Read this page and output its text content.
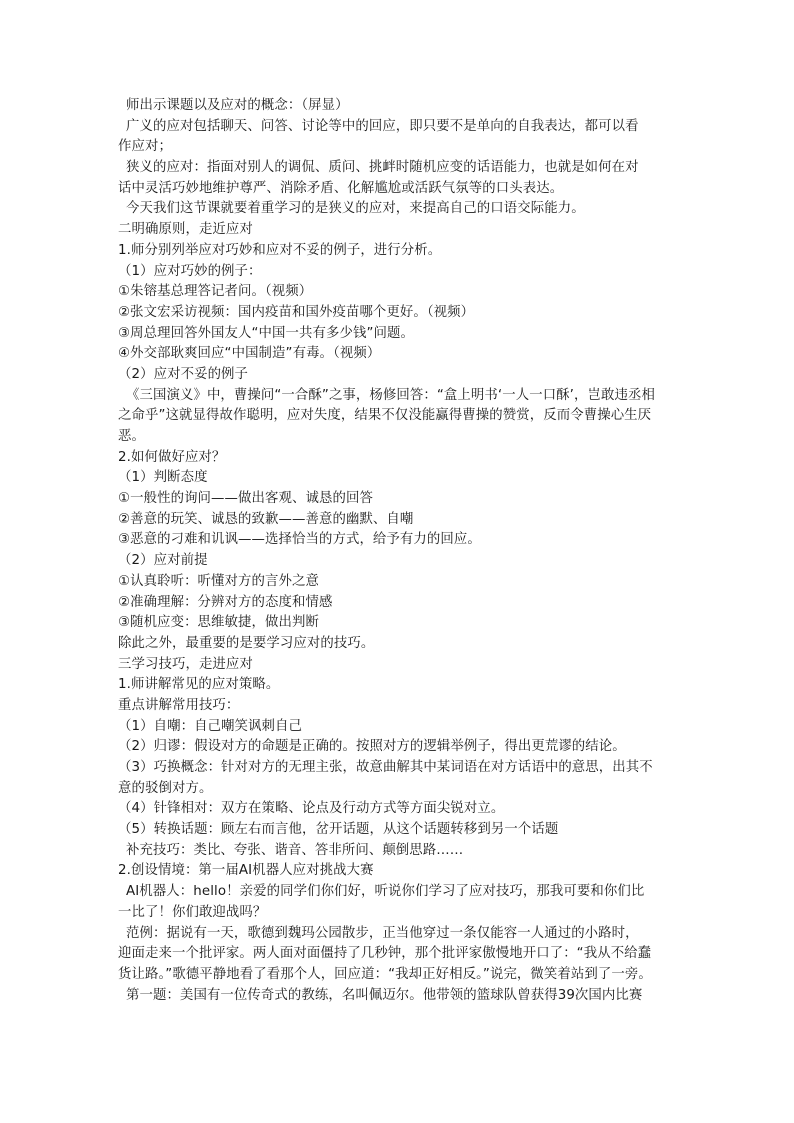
师出示课题以及应对的概念：（屏显）
广义的应对包括聊天、问答、讨论等中的回应，即只要不是单向的自我表达，都可以看
作应对；
狭义的应对：指面对别人的调侃、质问、挑衅时随机应变的话语能力，也就是如何在对
话中灵活巧妙地维护尊严、消除矛盾、化解尴尬或活跃气氛等的口头表达。
今天我们这节课就要着重学习的是狭义的应对，来提高自己的口语交际能力。
二明确原则，走近应对
1.师分别列举应对巧妙和应对不妥的例子，进行分析。
（1）应对巧妙的例子：
①朱镕基总理答记者问。（视频）
②张文宏采访视频：国内疫苗和国外疫苗哪个更好。（视频）
③周总理回答外国友人“中国一共有多少钱”问题。
④外交部耿爽回应“中国制造”有毒。（视频）
（2）应对不妥的例子
《三国演义》中，曹操问“一合酥”之事，杨修回答：“盒上明书‘一人一口酥’，岂敢违丞相
之命乎”这就显得故作聪明，应对失度，结果不仅没能赢得曹操的赞赏，反而令曹操心生厌
恶。
2.如何做好应对？
（1）判断态度
①一般性的询问——做出客观、诚恳的回答
②善意的玩笑、诚恳的致歉——善意的幽默、自嘲
③恶意的刁难和讥讽——选择恰当的方式，给予有力的回应。
（2）应对前提
①认真聆听：听懂对方的言外之意
②准确理解：分辨对方的态度和情感
③随机应变：思维敏捷，做出判断
除此之外，最重要的是要学习应对的技巧。
三学习技巧，走进应对
1.师讲解常见的应对策略。
重点讲解常用技巧：
（1）自嘲：自己嘲笑讽刺自己
（2）归谬：假设对方的命题是正确的。按照对方的逻辑举例子，得出更荒谬的结论。
（3）巧换概念：针对对方的无理主张，故意曲解其中某词语在对方话语中的意思，出其不
意的驳倒对方。
（4）针锋相对：双方在策略、论点及行动方式等方面尖锐对立。
（5）转换话题：顾左右而言他，岔开话题，从这个话题转移到另一个话题
补充技巧：类比、夸张、谐音、答非所问、颠倒思路……
2.创设情境：第一届AI机器人应对挑战大赛
AI机器人：hello！亲爱的同学们你们好，听说你们学习了应对技巧，那我可要和你们比
一比了！你们敢迎战吗？
范例：据说有一天，歌德到魏玛公园散步，正当他穿过一条仅能容一人通过的小路时，
迎面走来一个批评家。两人面对面僵持了几秒钟，那个批评家傲慢地开口了：“我从不给蠢
货让路。”歌德平静地看了看那个人，回应道：“我却正好相反。”说完，微笑着站到了一旁。
第一题：美国有一位传奇式的教练，名叫佩迈尔。他带领的篮球队曾获得39次国内比赛
